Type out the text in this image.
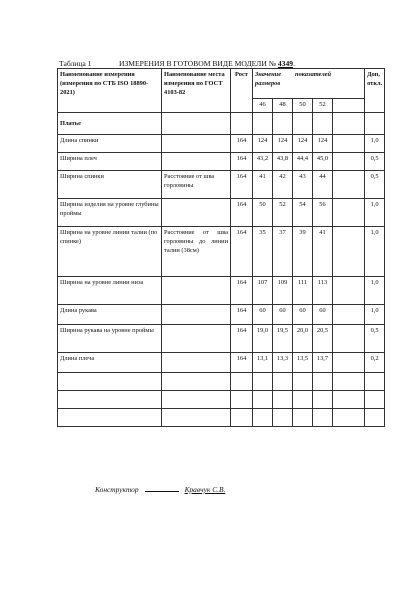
Таблица 1	ИЗМЕРЕНИЯ В ГОТОВОМ ВИДЕ МОДЕЛИ № 4349.
Наименование измерения (измерения по СТБ ISO 18890-2021)	Наименование места измерения по ГОСТ 4103-82	Рост	Значение показателей
размеров					Доп, откл.
			46	48	50	52		
Платье								
Длина спинки		164	124	124	124	124		1,0
Ширина плеч		164	43,2	43,8	44,4	45,0		0,5
Ширина спинки	Расстояние от шва горловины	164	41	42	43	44		0,5
Ширина изделия на уровне глубины проймы		164	50	52	54	56		1,0
Ширина на уровне линии талии (по спинке)	Расстояние от шва горловины до линии талии (38см)	164	35	37	39	41		1,0
Ширина на уровне линии низа		164	107	109	111	113		1,0
Длина рукава		164	60	60	60	60		1,0
Ширина рукава на уровне проймы		164	19,0	19,5	20,0	20,5		0,5
Длина плеча		164	13,1	13,3	13,5	13,7		0,2

Конструктор	Кравчук С.В.
